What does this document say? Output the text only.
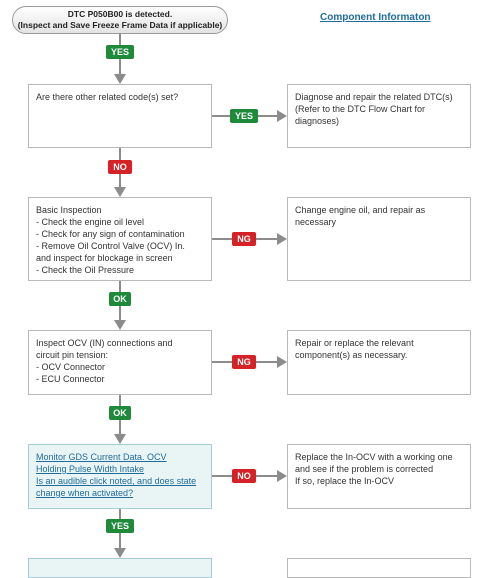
DTC P050B00 is detected.
(Inspect and Save Freeze Frame Data if applicable)
Component Informaton
YES
YES
NO
NG
OK
NG
OK
NO
YES
Are there other related code(s) set?
Basic Inspection
- Check the engine oil level
- Check for any sign of contamination
- Remove Oil Control Valve (OCV) In.
and inspect for blockage in screen
- Check the Oil Pressure
Inspect OCV (IN) connections and
circuit pin tension:
- OCV Connector
- ECU Connector
Monitor GDS Current Data. OCV
Holding Pulse Width Intake
Is an audible click noted, and does state
change when activated?
Diagnose and repair the related DTC(s)
(Refer to the DTC Flow Chart for
diagnoses)
Change engine oil, and repair as
necessary
Repair or replace the relevant
component(s) as necessary.
Replace the In-OCV with a working one
and see if the problem is corrected
If so, replace the In-OCV
